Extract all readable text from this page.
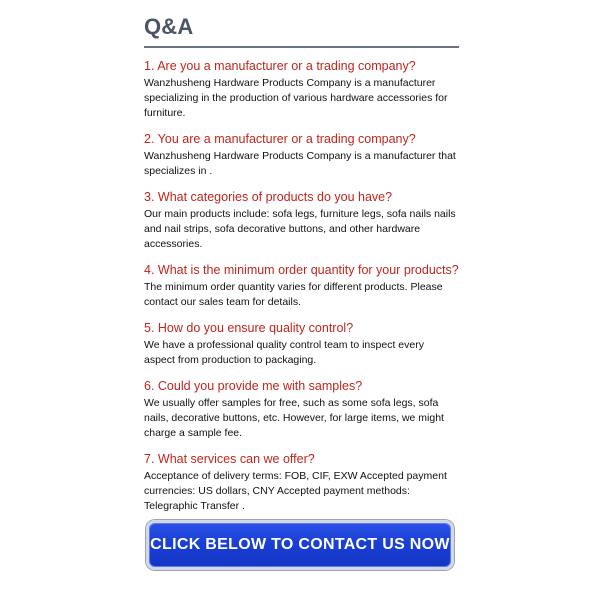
Q&A

1. Are you a manufacturer or a trading company?

Wanzhusheng Hardware Products Company is a manufacturer specializing in the production of various hardware accessories for furniture.

2. You are a manufacturer or a trading company?

Wanzhusheng Hardware Products Company is a manufacturer that specializes in .

3. What categories of products do you have?

Our main products include: sofa legs, furniture legs, sofa nails nails and nail strips, sofa decorative buttons, and other hardware accessories.

4. What is the minimum order quantity for your products?

The minimum order quantity varies for different products. Please contact our sales team for details.

5. How do you ensure quality control?

We have a professional quality control team to inspect every aspect from production to packaging.

6. Could you provide me with samples?

We usually offer samples for free, such as some sofa legs, sofa nails, decorative buttons, etc. However, for large items, we might charge a sample fee.

7. What services can we offer?

Acceptance of delivery terms: FOB, CIF, EXW Accepted payment currencies: US dollars, CNY Accepted payment methods: Telegraphic Transfer .

CLICK BELOW TO CONTACT US NOW
